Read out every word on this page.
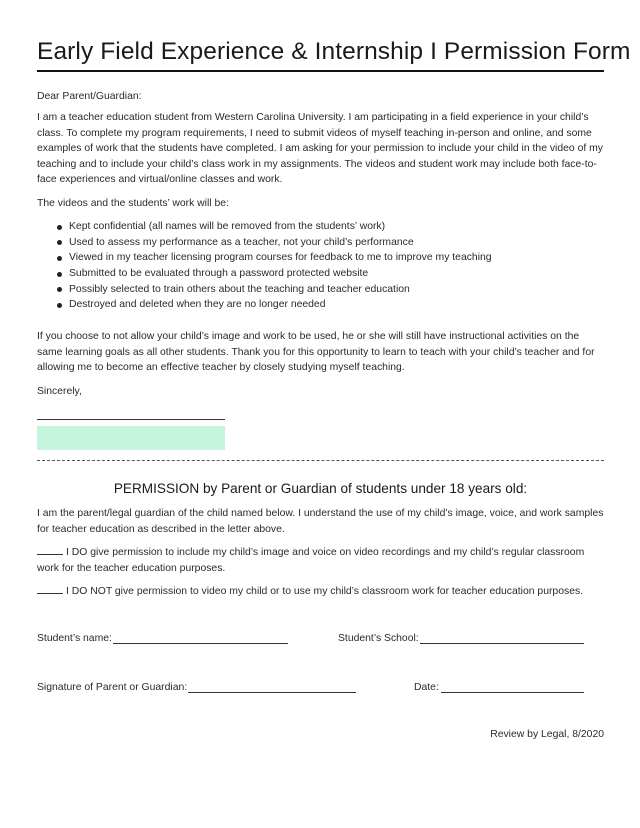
Early Field Experience & Internship I Permission Form
Dear Parent/Guardian:
I am a teacher education student from Western Carolina University. I am participating in a field experience in your child’s class. To complete my program requirements, I need to submit videos of myself teaching in-person and online, and some examples of work that the students have completed. I am asking for your permission to include your child in the video of my teaching and to include your child’s class work in my assignments. The videos and student work may include both face-to-face experiences and virtual/online classes and work.
The videos and the students’ work will be:
Kept confidential (all names will be removed from the students’ work)
Used to assess my performance as a teacher, not your child’s performance
Viewed in my teacher licensing program courses for feedback to me to improve my teaching
Submitted to be evaluated through a password protected website
Possibly selected to train others about the teaching and teacher education
Destroyed and deleted when they are no longer needed
If you choose to not allow your child’s image and work to be used, he or she will still have instructional activities on the same learning goals as all other students. Thank you for this opportunity to learn to teach with your child’s teacher and for allowing me to become an effective teacher by closely studying myself teaching.
Sincerely,
PERMISSION by Parent or Guardian of students under 18 years old:
I am the parent/legal guardian of the child named below. I understand the use of my child’s image, voice, and work samples for teacher education as described in the letter above.
I DO give permission to include my child’s image and voice on video recordings and my child’s regular classroom work for the teacher education purposes.
I DO NOT give permission to video my child or to use my child’s classroom work for teacher education purposes.
Student’s name:	Student’s School:
Signature of Parent or Guardian:	Date:
Review by Legal, 8/2020
